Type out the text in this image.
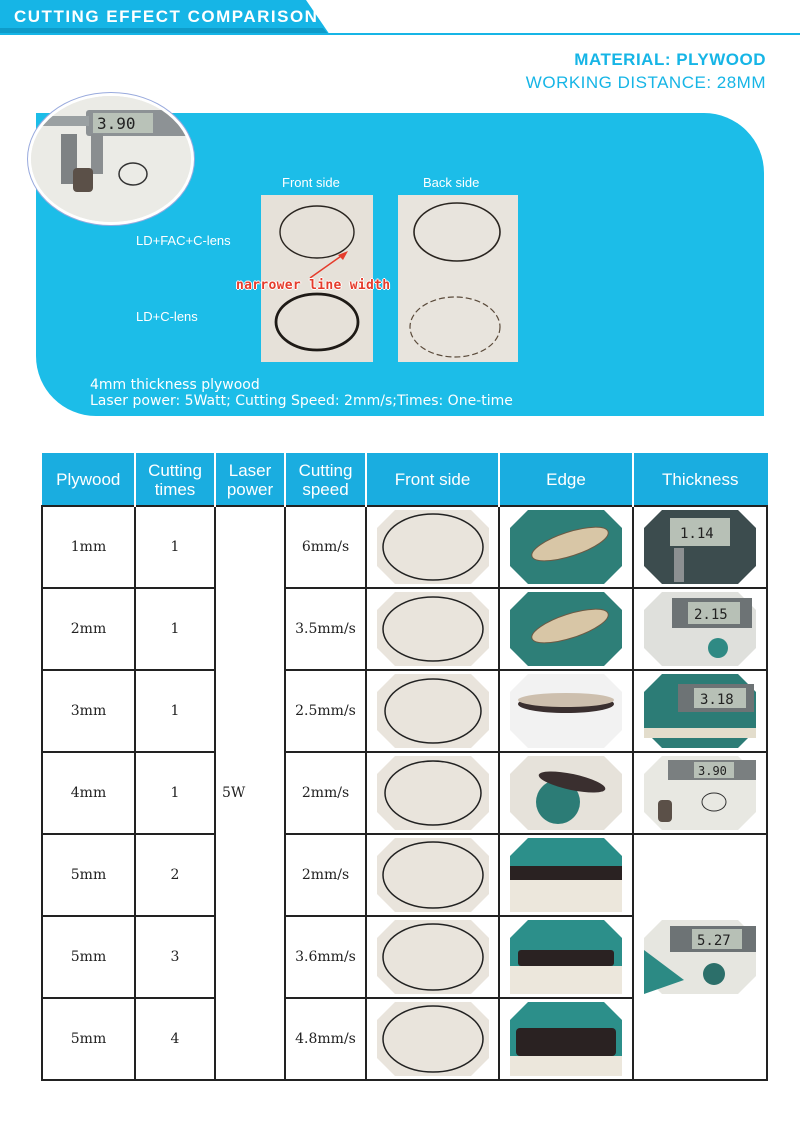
CUTTING EFFECT COMPARISON
MATERIAL: PLYWOOD
WORKING DISTANCE: 28MM
3.90
Front side	Back side
LD+FAC+C-lens
LD+C-lens
narrower line width
4mm thickness plywood
Laser power: 5Watt; Cutting Speed: 2mm/s;Times: One-time
Plywood	Cutting times	Laser power	Cutting speed	Front side	Edge	Thickness
1mm	1	5W	6mm/s			1.14

2mm	1		3.5mm/s			2.15

3mm	1		2.5mm/s			3.18

4mm	1		2mm/s			3.90

5mm	2		2mm/s			5.27

5mm	3		3.6mm/s	

5mm	4		4.8mm/s	
